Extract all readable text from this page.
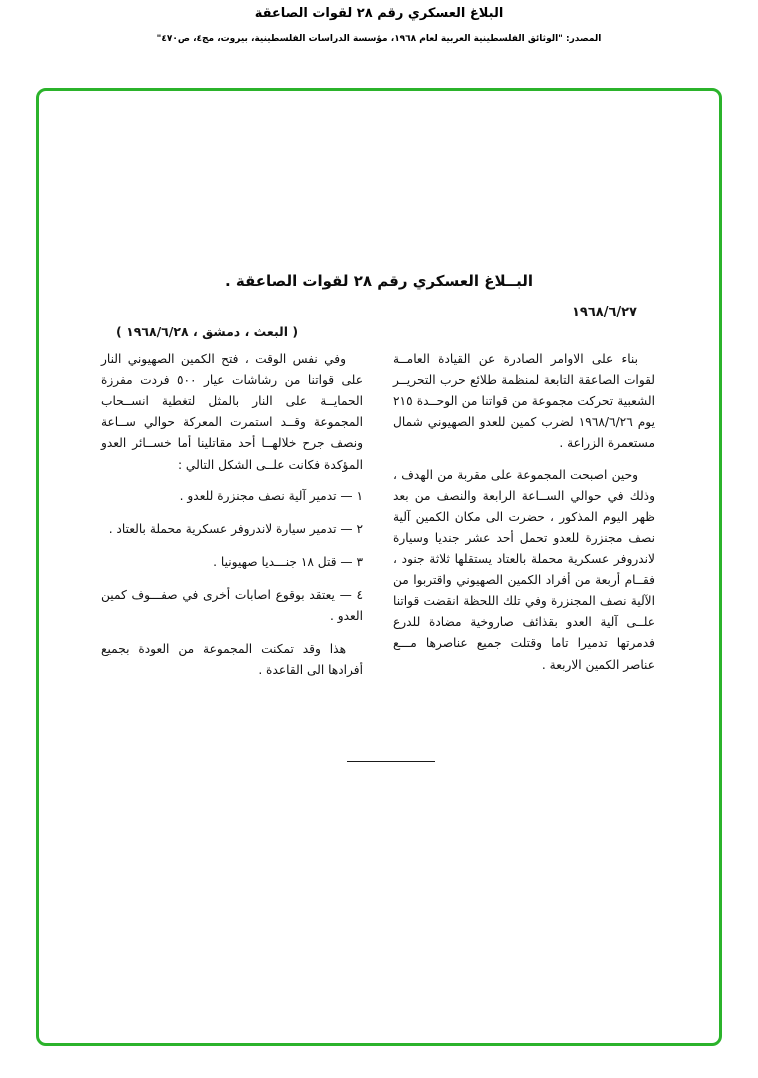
البلاغ العسكري رقم ٢٨ لقوات الصاعقة
المصدر: "الوثائق الفلسطينية العربية لعام ١٩٦٨، مؤسسة الدراسات الفلسطينية، بيروت، مج٤، ص٤٧٠"
البــلاغ العسكري رقم ٢٨ لقوات الصاعقة .
١٩٦٨/٦/٢٧
( البعث ، دمشق ، ١٩٦٨/٦/٢٨ )

بناء على الاوامر الصادرة عن القيادة العامــة لقوات الصاعقة التابعة لمنظمة طلائع حرب التحريــر الشعبية تحركت مجموعة من قواتنا من الوحــدة ٢١٥ يوم ١٩٦٨/٦/٢٦ لضرب كمين للعدو الصهيوني شمال مستعمرة الزراعة .

وحين اصبحت المجموعة على مقربة من الهدف ، وذلك في حوالي الســاعة الرابعة والنصف من بعد ظهر اليوم المذكور ، حضرت الى مكان الكمين آلية نصف مجنزرة للعدو تحمل أحد عشر جنديا وسيارة لاندروفر عسكرية محملة بالعتاد يستقلها ثلاثة جنود ، فقــام أربعة من أفراد الكمين الصهيوني واقتربوا من الآلية نصف المجنزرة وفي تلك اللحظة انقضت قواتنا علــى آلية العدو بقذائف صاروخية مضادة للدرع فدمرتها تدميرا تاما وقتلت جميع عناصرها مـــع عناصر الكمين الاربعة .

وفي نفس الوقت ، فتح الكمين الصهيوني النار على قواتنا من رشاشات عيار ٥٠٠ فردت مفرزة الحمايــة على النار بالمثل لتغطية انســحاب المجموعة وقــد استمرت المعركة حوالي ســاعة ونصف جرح خلالهــا أحد مقاتلينا أما خســائر العدو المؤكدة فكانت علــى الشكل التالي :

١ — تدمير آلية نصف مجنزرة للعدو .

٢ — تدمير سيارة لاندروفر عسكرية محملة بالعتاد .

٣ — قتل ١٨ جنـــديا صهيونيا .

٤ — يعتقد بوقوع اصابات أخرى في صفـــوف كمين العدو .

هذا وقد تمكنت المجموعة من العودة بجميع أفرادها الى القاعدة .
